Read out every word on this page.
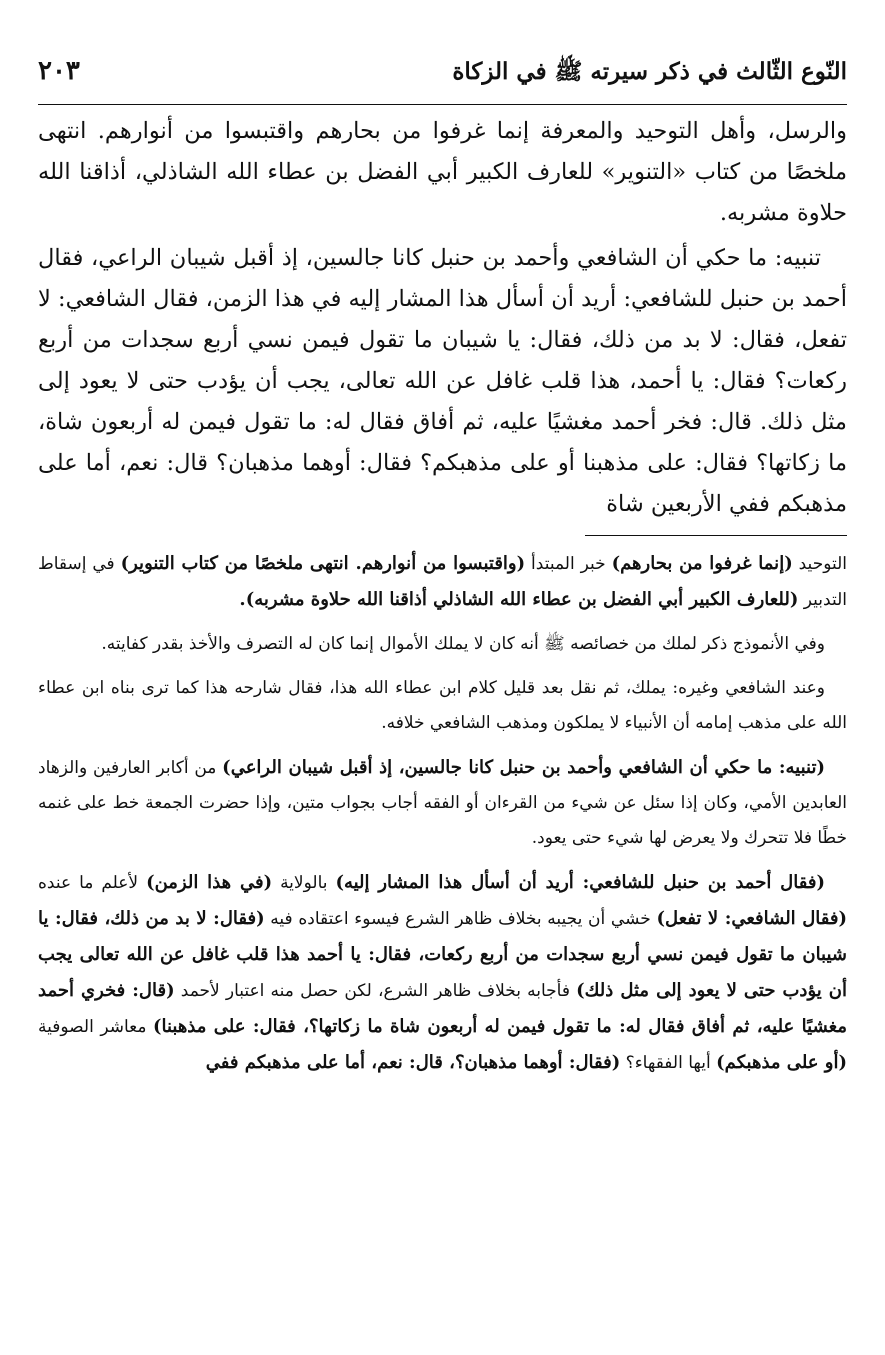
النّوع الثّالث في ذكر سيرته ﷺ في الزكاة
٢٠٣

والرسل، وأهل التوحيد والمعرفة إنما غرفوا من بحارهم واقتبسوا من أنوارهم. انتهى ملخصًا من كتاب «التنوير» للعارف الكبير أبي الفضل بن عطاء الله الشاذلي، أذاقنا الله حلاوة مشربه.

تنبيه: ما حكي أن الشافعي وأحمد بن حنبل كانا جالسين، إذ أقبل شيبان الراعي، فقال أحمد بن حنبل للشافعي: أريد أن أسأل هذا المشار إليه في هذا الزمن، فقال الشافعي: لا تفعل، فقال: لا بد من ذلك، فقال: يا شيبان ما تقول فيمن نسي أربع سجدات من أربع ركعات؟ فقال: يا أحمد، هذا قلب غافل عن الله تعالى، يجب أن يؤدب حتى لا يعود إلى مثل ذلك. قال: فخر أحمد مغشيًا عليه، ثم أفاق فقال له: ما تقول فيمن له أربعون شاة، ما زكاتها؟ فقال: على مذهبنا أو على مذهبكم؟ فقال: أوهما مذهبان؟ قال: نعم، أما على مذهبكم ففي الأربعين شاة

التوحيد (إنما غرفوا من بحارهم) خبر المبتدأ (واقتبسوا من أنوارهم. انتهى ملخصًا من كتاب التنوير) في إسقاط التدبير (للعارف الكبير أبي الفضل بن عطاء الله الشاذلي أذاقنا الله حلاوة مشربه).

وفي الأنموذج ذكر لملك من خصائصه ﷺ أنه كان لا يملك الأموال إنما كان له التصرف والأخذ بقدر كفايته.

وعند الشافعي وغيره: يملك، ثم نقل بعد قليل كلام ابن عطاء الله هذا، فقال شارحه هذا كما ترى بناه ابن عطاء الله على مذهب إمامه أن الأنبياء لا يملكون ومذهب الشافعي خلافه.

(تنبيه: ما حكي أن الشافعي وأحمد بن حنبل كانا جالسين، إذ أقبل شيبان الراعي) من أكابر العارفين والزهاد العابدين الأمي، وكان إذا سئل عن شيء من القرءان أو الفقه أجاب بجواب متين، وإذا حضرت الجمعة خط على غنمه خطًا فلا تتحرك ولا يعرض لها شيء حتى يعود.

(فقال أحمد بن حنبل للشافعي: أريد أن أسأل هذا المشار إليه) بالولاية (في هذا الزمن) لأعلم ما عنده (فقال الشافعي: لا تفعل) خشي أن يجيبه بخلاف ظاهر الشرع فيسوء اعتقاده فيه (فقال: لا بد من ذلك، فقال: يا شيبان ما تقول فيمن نسي أربع سجدات من أربع ركعات، فقال: يا أحمد هذا قلب غافل عن الله تعالى يجب أن يؤدب حتى لا يعود إلى مثل ذلك) فأجابه بخلاف ظاهر الشرع، لكن حصل منه اعتبار لأحمد (قال: فخري أحمد مغشيًا عليه، ثم أفاق فقال له: ما تقول فيمن له أربعون شاة ما زكاتها؟، فقال: على مذهبنا) معاشر الصوفية (أو على مذهبكم) أيها الفقهاء؟ (فقال: أوهما مذهبان؟، قال: نعم، أما على مذهبكم ففي
